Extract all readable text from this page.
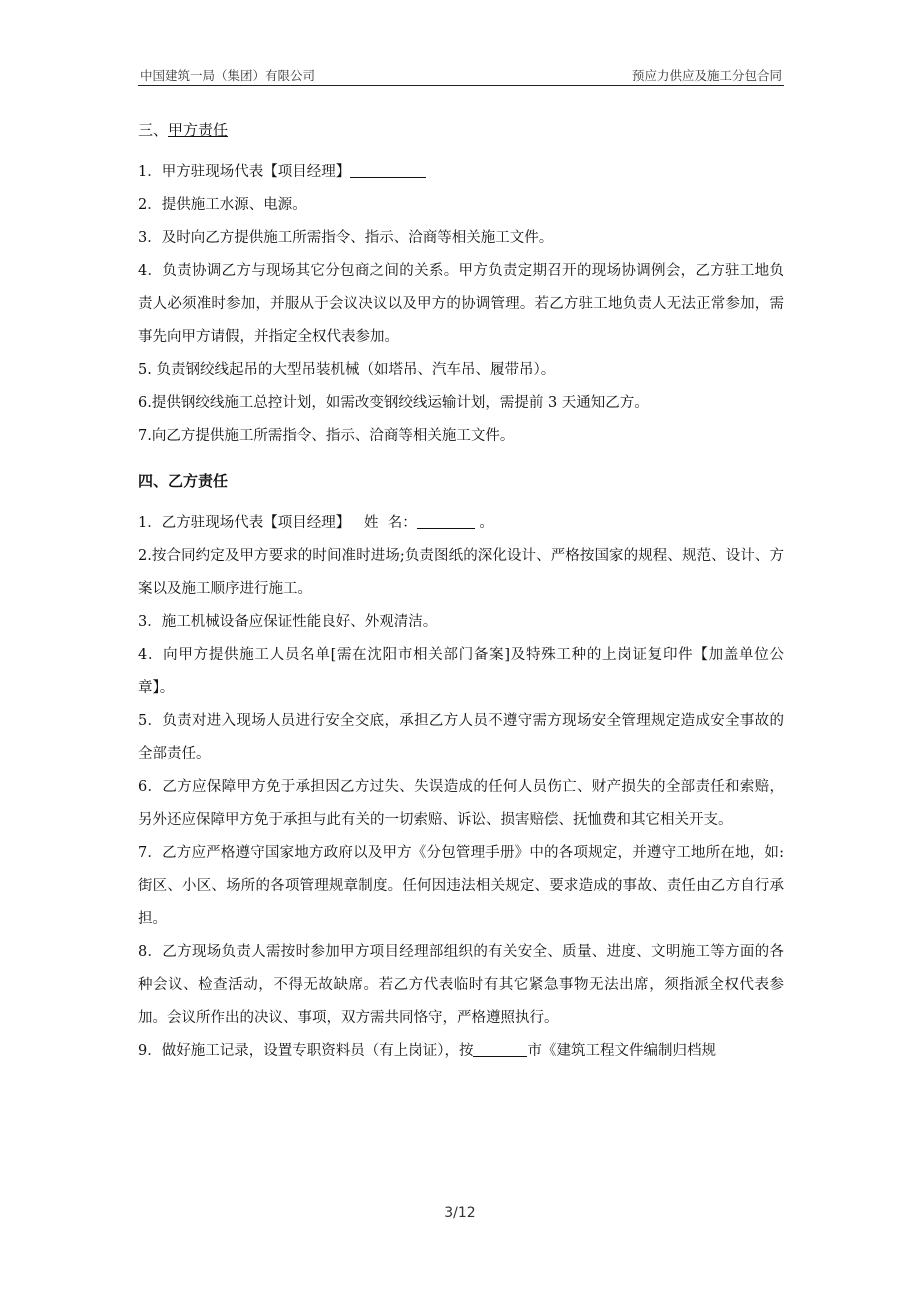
中国建筑一局（集团）有限公司	预应力供应及施工分包合同

三、甲方责任

1．甲方驻现场代表【项目经理】

2．提供施工水源、电源。

3．及时向乙方提供施工所需指令、指示、洽商等相关施工文件。

4．负责协调乙方与现场其它分包商之间的关系。甲方负责定期召开的现场协调例会，乙方驻工地负责人必须准时参加，并服从于会议决议以及甲方的协调管理。若乙方驻工地负责人无法正常参加，需事先向甲方请假，并指定全权代表参加。

5. 负责钢绞线起吊的大型吊装机械（如塔吊、汽车吊、履带吊）。

6.提供钢绞线施工总控计划，如需改变钢绞线运输计划，需提前 3 天通知乙方。

7.向乙方提供施工所需指令、指示、洽商等相关施工文件。

四、乙方责任

1．乙方驻现场代表【项目经理】   姓  名：	。

2.按合同约定及甲方要求的时间准时进场;负责图纸的深化设计、严格按国家的规程、规范、设计、方案以及施工顺序进行施工。

3．施工机械设备应保证性能良好、外观清洁。

4．向甲方提供施工人员名单[需在沈阳市相关部门备案]及特殊工种的上岗证复印件【加盖单位公章】。

5．负责对进入现场人员进行安全交底，承担乙方人员不遵守需方现场安全管理规定造成安全事故的全部责任。

6．乙方应保障甲方免于承担因乙方过失、失误造成的任何人员伤亡、财产损失的全部责任和索赔，另外还应保障甲方免于承担与此有关的一切索赔、诉讼、损害赔偿、抚恤费和其它相关开支。

7．乙方应严格遵守国家地方政府以及甲方《分包管理手册》中的各项规定，并遵守工地所在地，如:街区、小区、场所的各项管理规章制度。任何因违法相关规定、要求造成的事故、责任由乙方自行承担。

8．乙方现场负责人需按时参加甲方项目经理部组织的有关安全、质量、进度、文明施工等方面的各种会议、检查活动，不得无故缺席。若乙方代表临时有其它紧急事物无法出席，须指派全权代表参加。会议所作出的决议、事项，双方需共同恪守，严格遵照执行。

9．做好施工记录，设置专职资料员（有上岗证），按	市《建筑工程文件编制归档规

3/12
